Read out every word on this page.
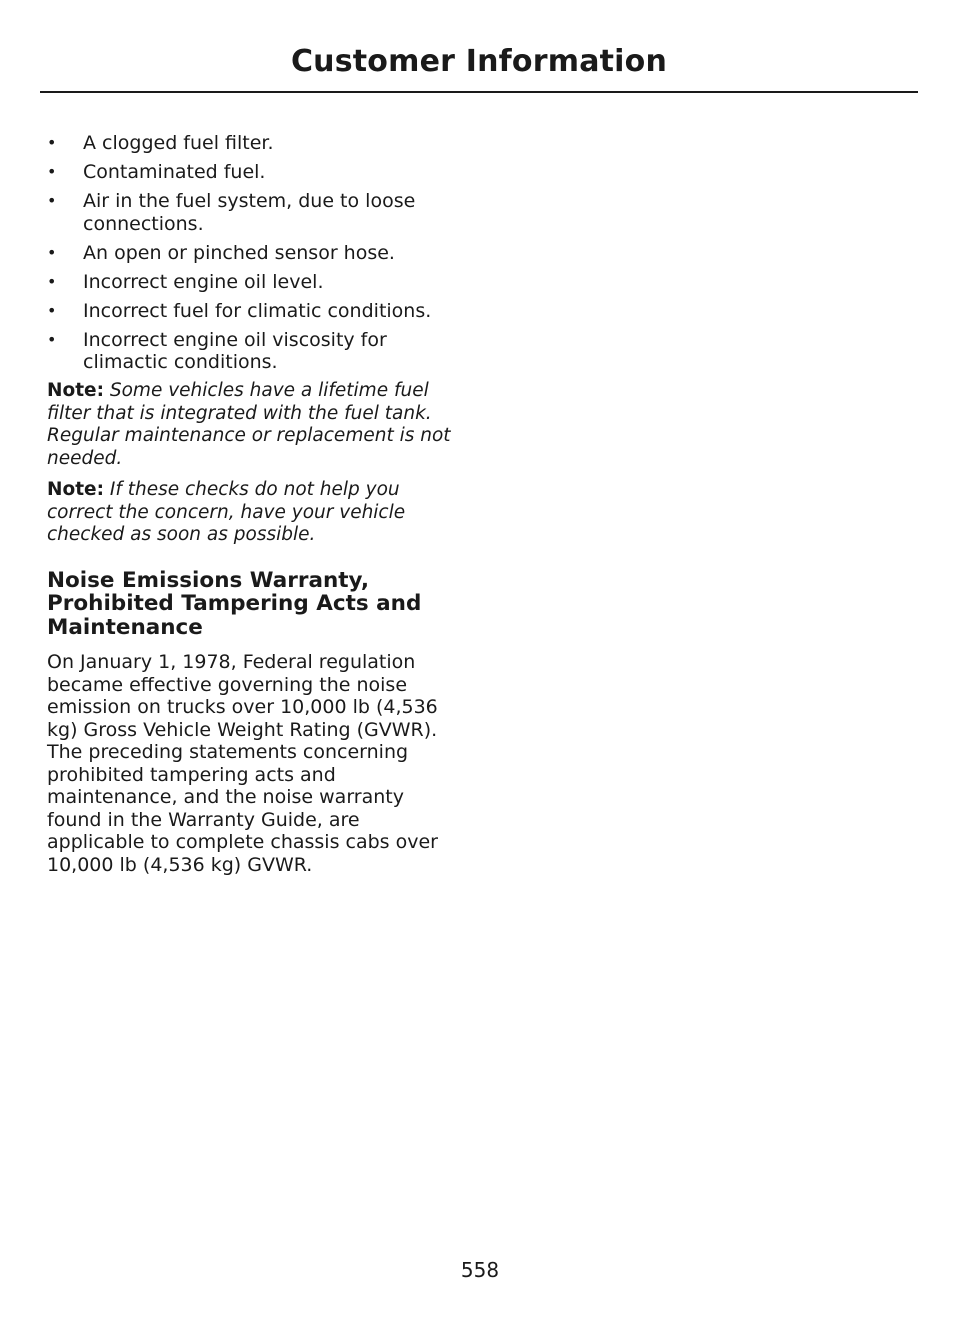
Customer Information
• A clogged fuel filter.
• Contaminated fuel.
• Air in the fuel system, due to loose connections.
• An open or pinched sensor hose.
• Incorrect engine oil level.
• Incorrect fuel for climatic conditions.
• Incorrect engine oil viscosity for climactic conditions.

Note: Some vehicles have a lifetime fuel filter that is integrated with the fuel tank. Regular maintenance or replacement is not needed.

Note: If these checks do not help you correct the concern, have your vehicle checked as soon as possible.

Noise Emissions Warranty, Prohibited Tampering Acts and Maintenance

On January 1, 1978, Federal regulation became effective governing the noise emission on trucks over 10,000 lb (4,536 kg) Gross Vehicle Weight Rating (GVWR). The preceding statements concerning prohibited tampering acts and maintenance, and the noise warranty found in the Warranty Guide, are applicable to complete chassis cabs over 10,000 lb (4,536 kg) GVWR.

558
